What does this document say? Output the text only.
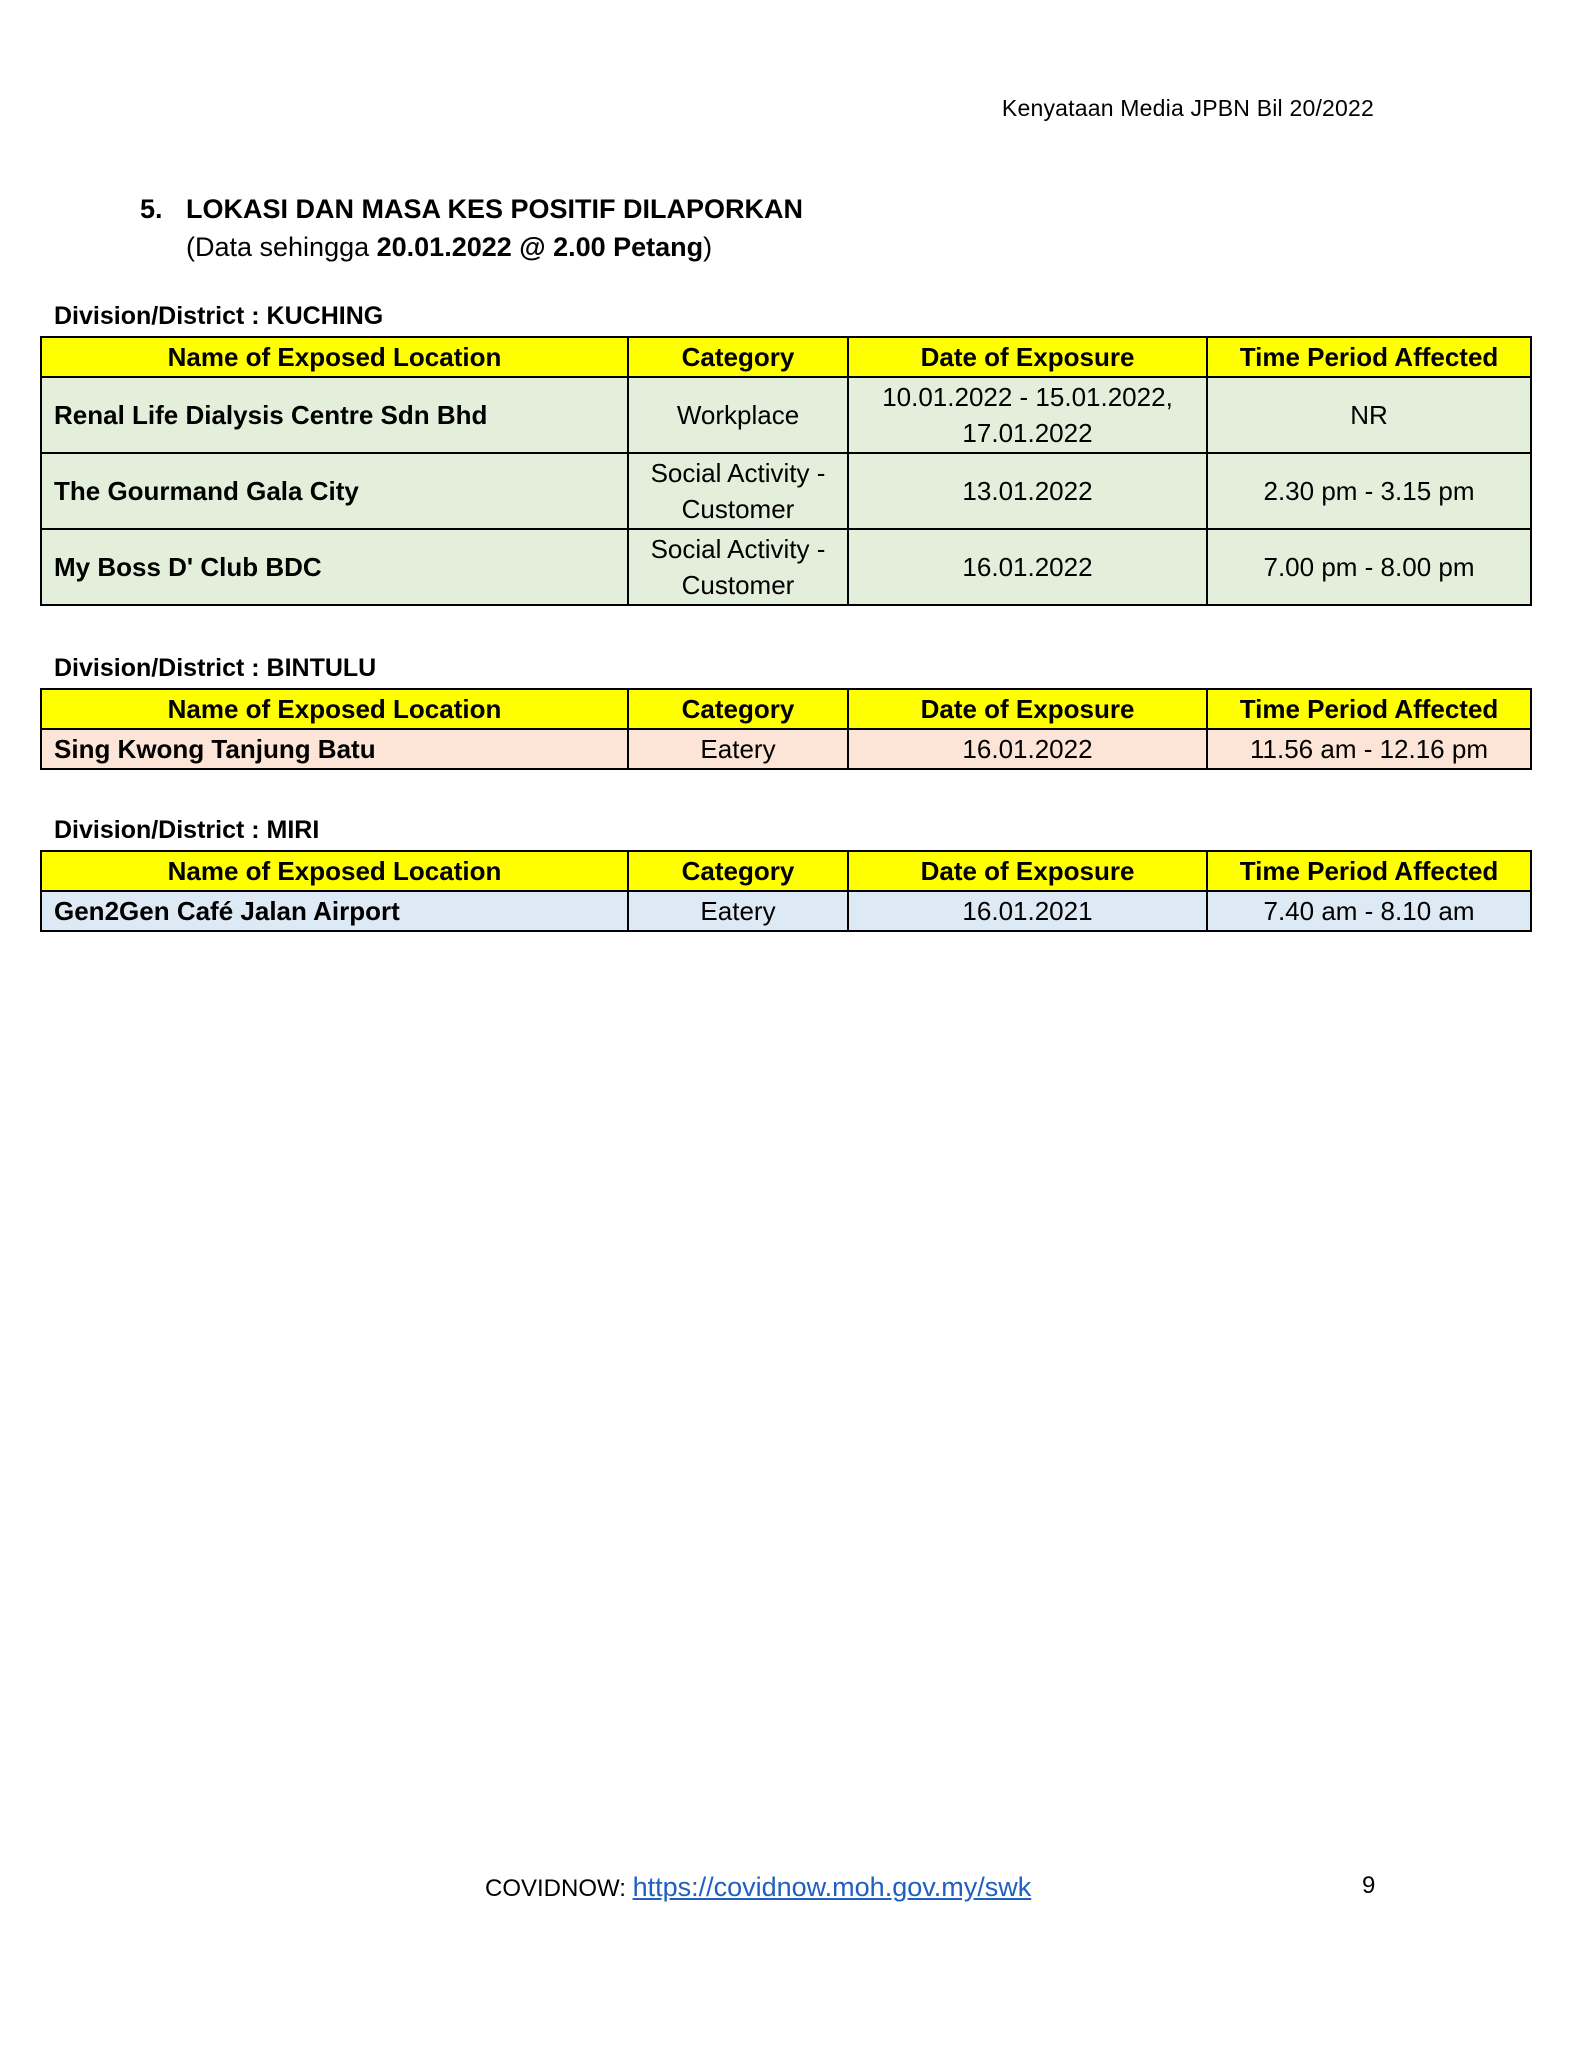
Kenyataan Media JPBN Bil 20/2022
5. LOKASI DAN MASA KES POSITIF DILAPORKAN
(Data sehingga 20.01.2022 @ 2.00 Petang)
Division/District : KUCHING
Name of Exposed Location	Category	Date of Exposure	Time Period Affected
Renal Life Dialysis Centre Sdn Bhd	Workplace	10.01.2022 - 15.01.2022, 17.01.2022	NR
The Gourmand Gala City	Social Activity - Customer	13.01.2022	2.30 pm - 3.15 pm
My Boss D' Club BDC	Social Activity - Customer	16.01.2022	7.00 pm - 8.00 pm
Division/District : BINTULU
Name of Exposed Location	Category	Date of Exposure	Time Period Affected
Sing Kwong Tanjung Batu	Eatery	16.01.2022	11.56 am - 12.16 pm
Division/District : MIRI
Name of Exposed Location	Category	Date of Exposure	Time Period Affected
Gen2Gen Café Jalan Airport	Eatery	16.01.2021	7.40 am - 8.10 am
COVIDNOW: https://covidnow.moh.gov.my/swk	9
